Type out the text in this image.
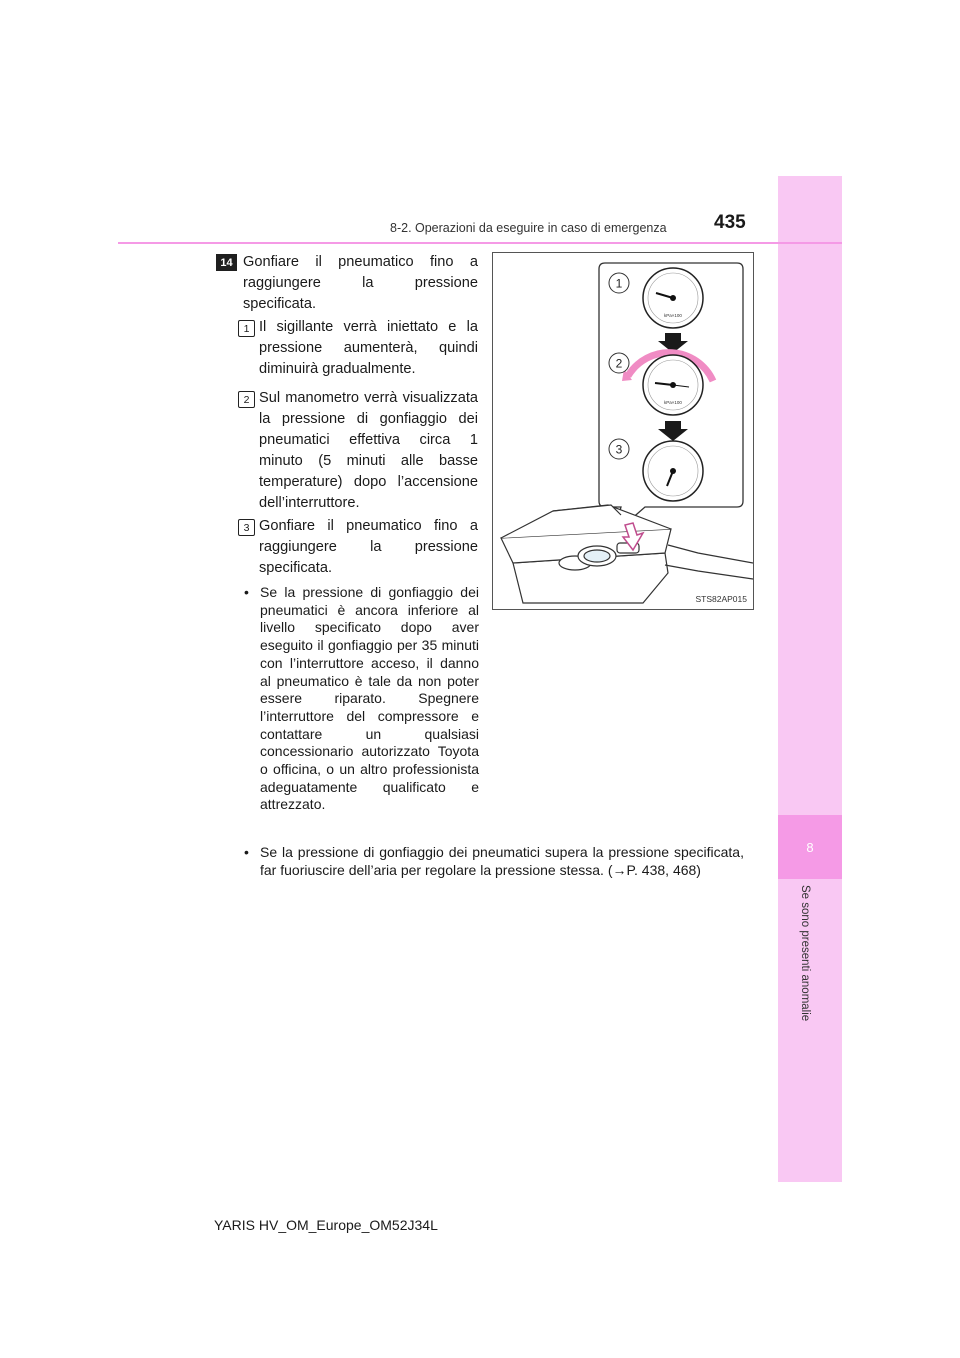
8
Se sono presenti anomalie
8-2. Operazioni da eseguire in caso di emergenza 435
14 Gonfiare il pneumatico fino a raggiungere la pressione specificata.
1 Il sigillante verrà iniettato e la pressione aumenterà, quindi diminuirà gradualmente.
2 Sul manometro verrà visualizzata la pressione di gonfiaggio dei pneumatici effettiva circa 1 minuto (5 minuti alle basse temperature) dopo l’accensione dell’interruttore.
3 Gonfiare il pneumatico fino a raggiungere la pressione specificata.
• Se la pressione di gonfiaggio dei pneumatici è ancora inferiore al livello specificato dopo aver eseguito il gonfiaggio per 35 minuti con l’interruttore acceso, il danno al pneumatico è tale da non poter essere riparato. Spegnere l’interruttore del compressore e contattare un qualsiasi concessionario autorizzato Toyota o officina, o un altro professionista adeguatamente qualificato e attrezzato.
• Se la pressione di gonfiaggio dei pneumatici supera la pressione specificata, far fuoriuscire dell’aria per regolare la pressione stessa. (→P. 438, 468)
kPa×100
1
kPa×100
2
3
STS82AP015
YARIS HV_OM_Europe_OM52J34L
